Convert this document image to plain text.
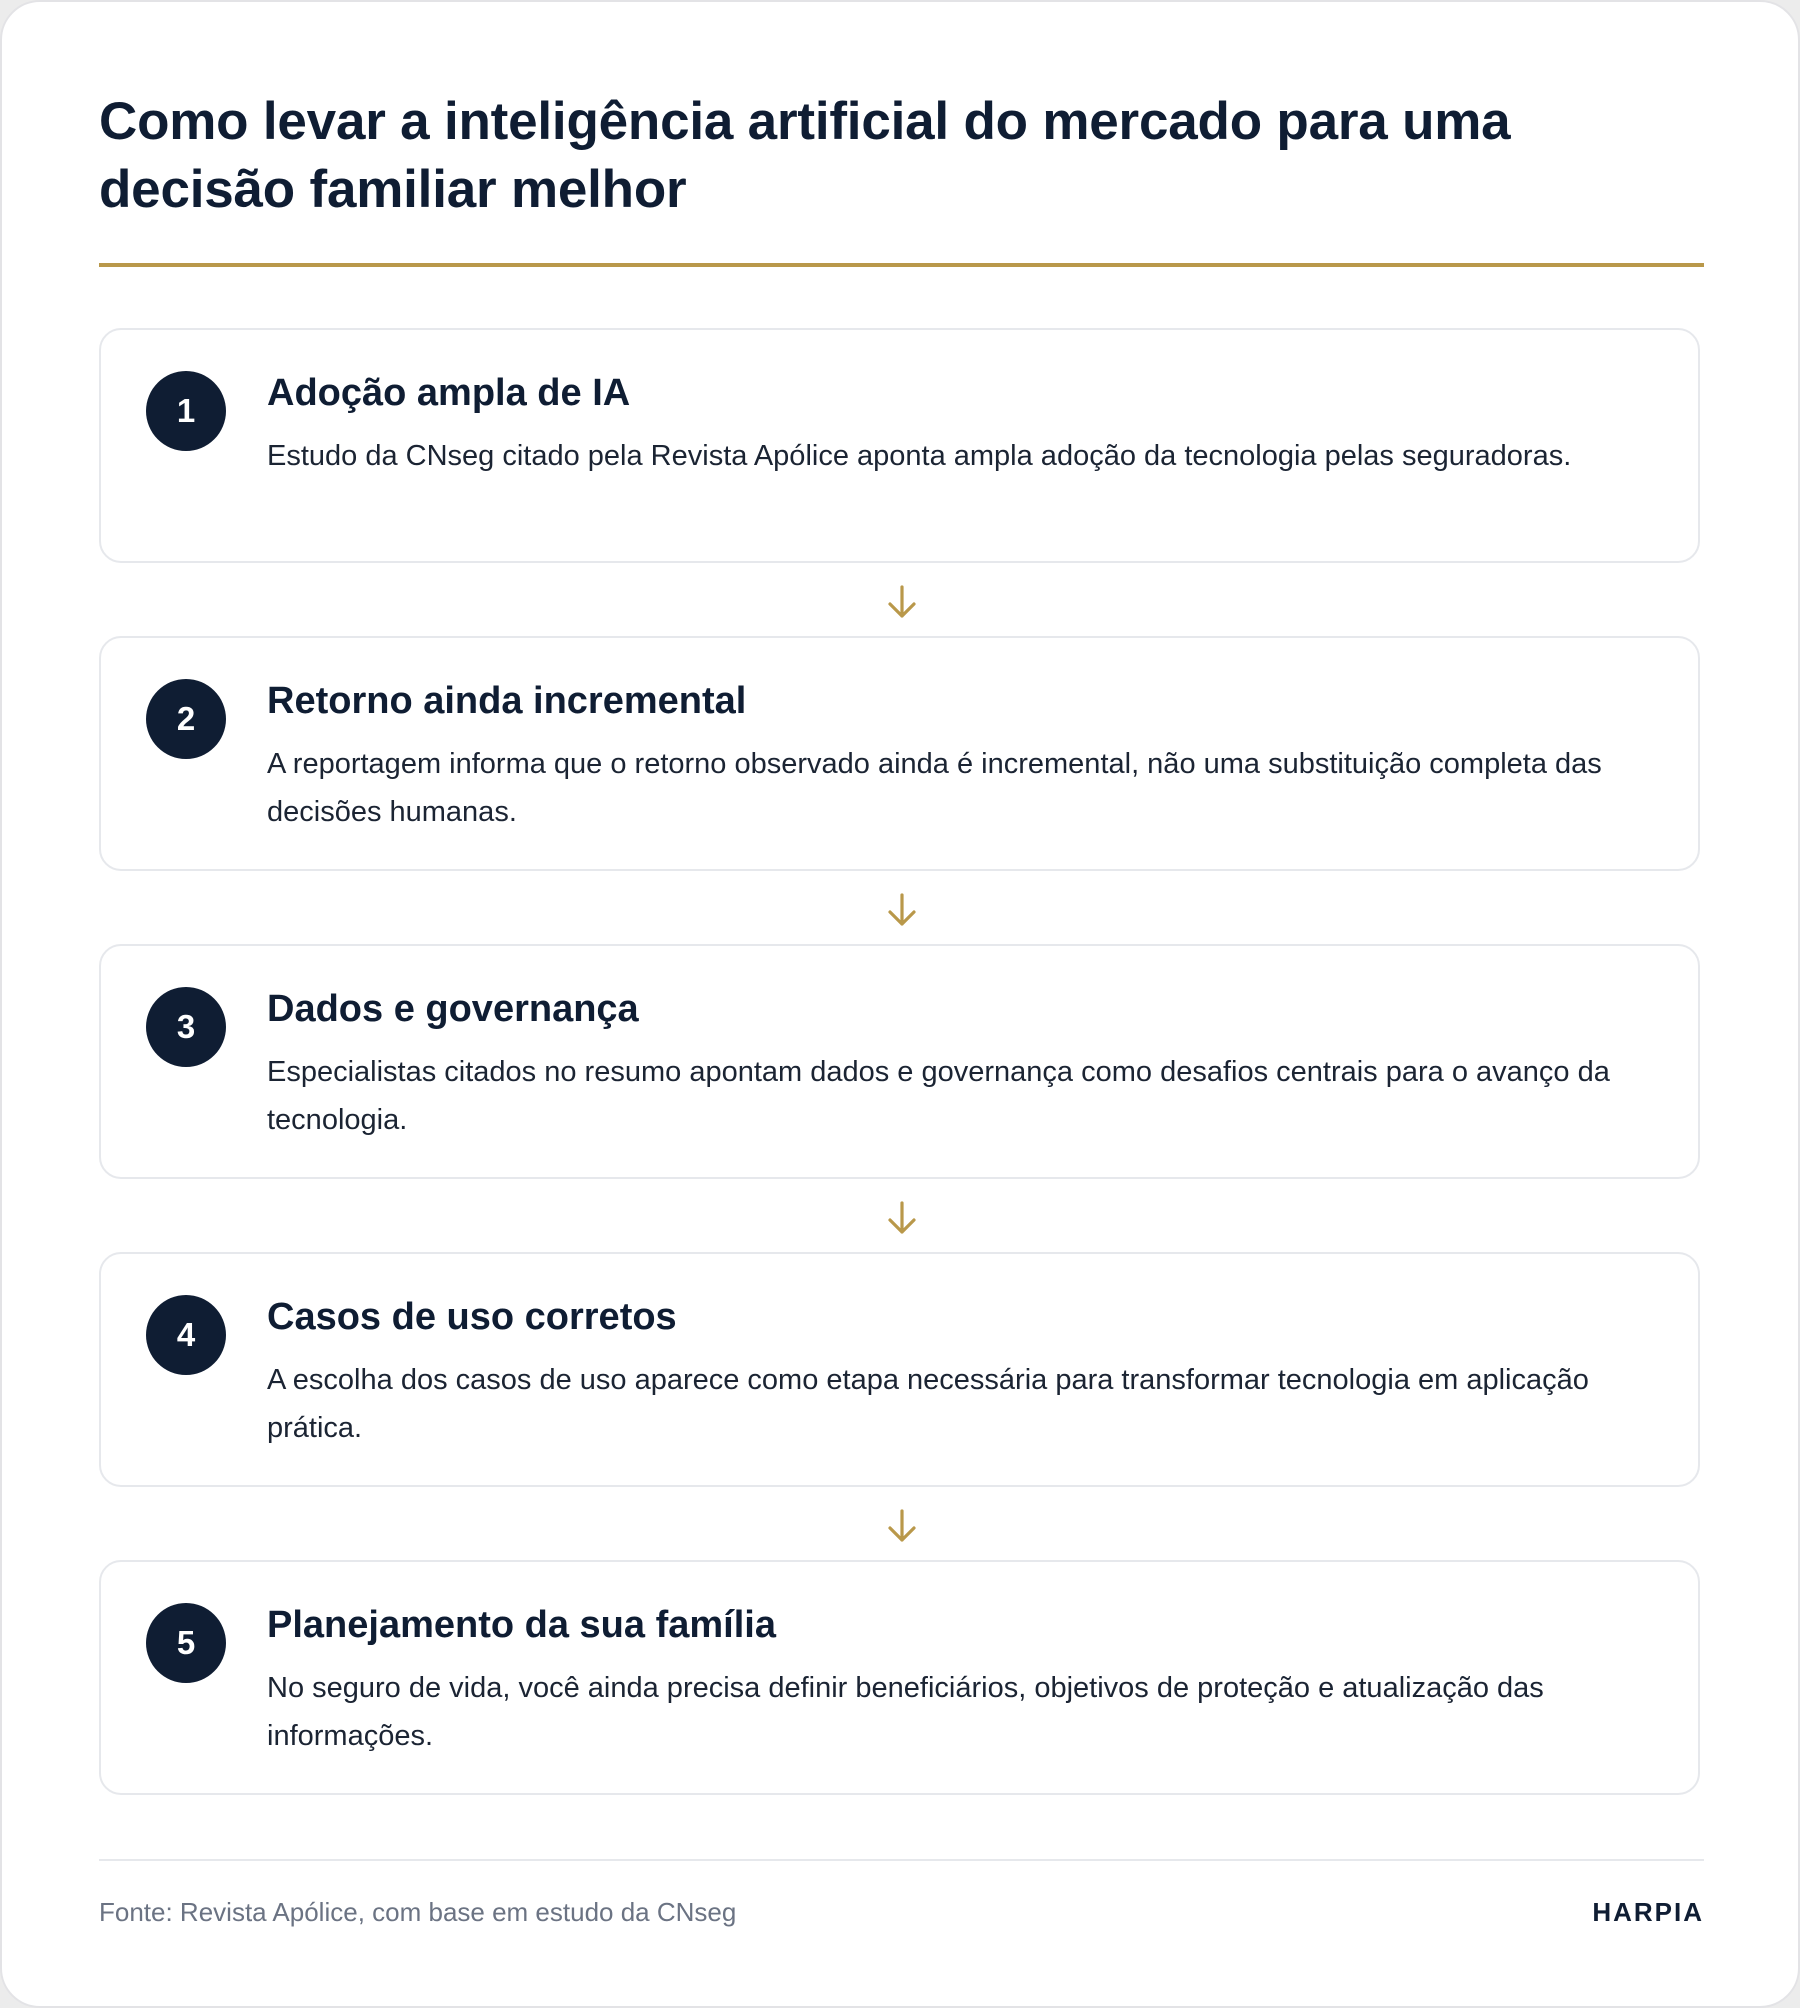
Como levar a inteligência artificial do mercado para uma decisão familiar melhor
1	Adoção ampla de IA
Estudo da CNseg citado pela Revista Apólice aponta ampla adoção da tecnologia pelas seguradoras.
2	Retorno ainda incremental
A reportagem informa que o retorno observado ainda é incremental, não uma substituição completa das decisões humanas.
3	Dados e governança
Especialistas citados no resumo apontam dados e governança como desafios centrais para o avanço da tecnologia.
4	Casos de uso corretos
A escolha dos casos de uso aparece como etapa necessária para transformar tecnologia em aplicação prática.
5	Planejamento da sua família
No seguro de vida, você ainda precisa definir beneficiários, objetivos de proteção e atualização das informações.
Fonte: Revista Apólice, com base em estudo da CNseg	HARPIA
